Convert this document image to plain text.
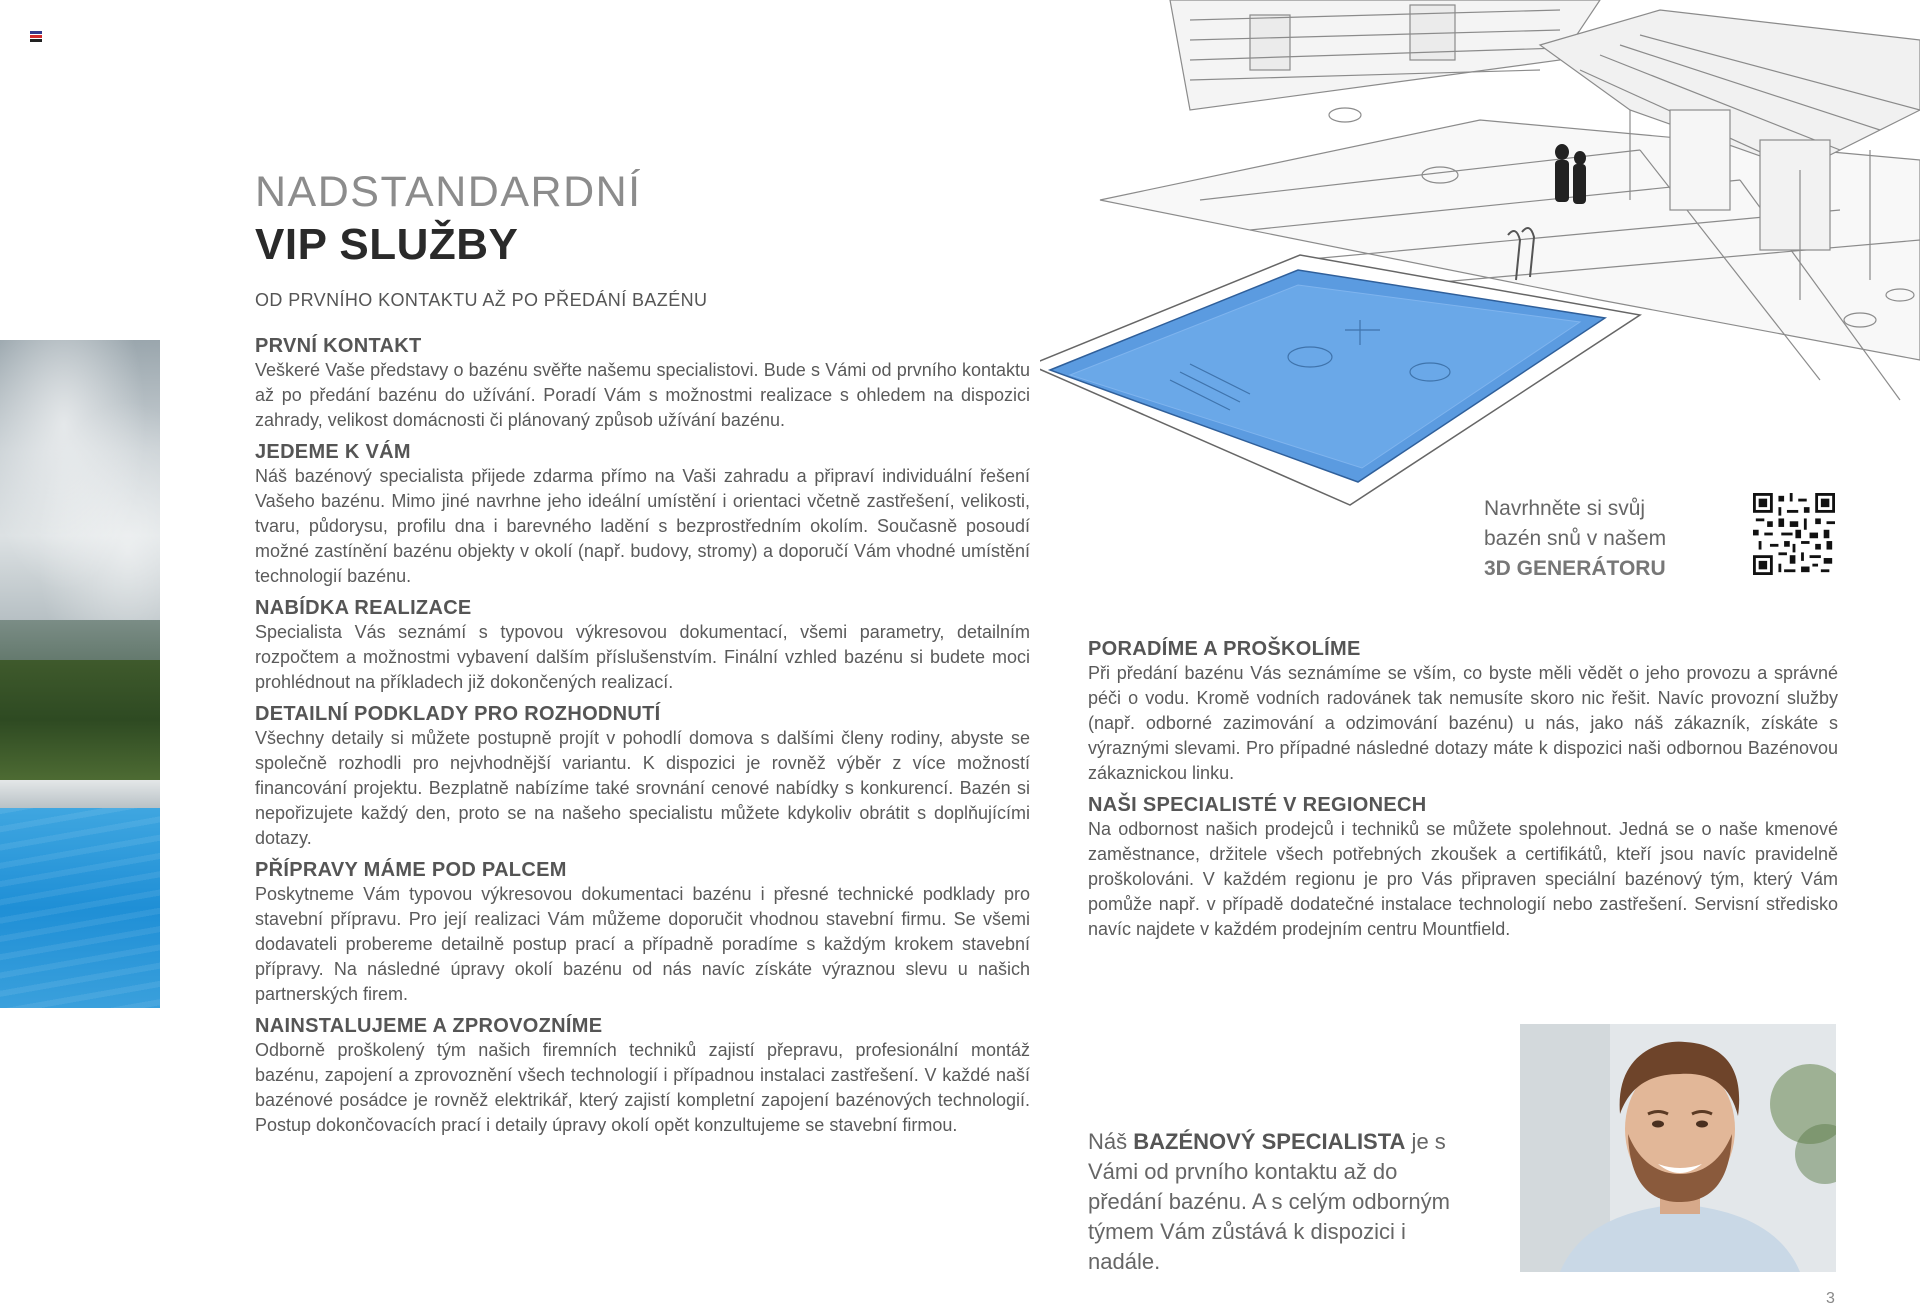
NADSTANDARDNÍ
VIP SLUŽBY
OD PRVNÍHO KONTAKTU AŽ PO PŘEDÁNÍ BAZÉNU
PRVNÍ KONTAKT

Veškeré Vaše představy o bazénu svěřte našemu specialistovi. Bude s Vámi od prvního kontaktu až po předání bazénu do užívání. Poradí Vám s možnostmi realizace s ohledem na dispozici zahrady, velikost domácnosti či plánovaný způsob užívání bazénu.

JEDEME K VÁM

Náš bazénový specialista přijede zdarma přímo na Vaši zahradu a připraví individuální řešení Vašeho bazénu. Mimo jiné navrhne jeho ideální umístění i orientaci včetně zastřešení, velikosti, tvaru, půdorysu, profilu dna i barevného ladění s bezprostředním okolím. Současně posoudí možné zastínění bazénu objekty v okolí (např. budovy, stromy) a doporučí Vám vhodné umístění technologií bazénu.

NABÍDKA REALIZACE

Specialista Vás seznámí s typovou výkresovou dokumentací, všemi parametry, detailním rozpočtem a možnostmi vybavení dalším příslušenstvím. Finální vzhled bazénu si budete moci prohlédnout na příkladech již dokončených realizací.

DETAILNÍ PODKLADY PRO ROZHODNUTÍ

Všechny detaily si můžete postupně projít v pohodlí domova s dalšími členy rodiny, abyste se společně rozhodli pro nejvhodnější variantu. K dispozici je rovněž výběr z více možností financování projektu. Bezplatně nabízíme také srovnání cenové nabídky s konkurencí. Bazén si nepořizujete každý den, proto se na našeho specialistu můžete kdykoliv obrátit s doplňujícími dotazy.

PŘÍPRAVY MÁME POD PALCEM

Poskytneme Vám typovou výkresovou dokumentaci bazénu i přesné technické podklady pro stavební přípravu. Pro její realizaci Vám můžeme doporučit vhodnou stavební firmu. Se všemi dodavateli probereme detailně postup prací a případně poradíme s každým krokem stavební přípravy. Na následné úpravy okolí bazénu od nás navíc získáte výraznou slevu u našich partnerských firem.

NAINSTALUJEME A ZPROVOZNÍME

Odborně proškolený tým našich firemních techniků zajistí přepravu, profesionální montáž bazénu, zapojení a zprovoznění všech technologií i případnou instalaci zastřešení. V každé naší bazénové posádce je rovněž elektrikář, který zajistí kompletní zapojení bazénových technologií. Postup dokončovacích prací i detaily úpravy okolí opět konzultujeme se stavební firmou.

Navrhněte si svůj
bazén snů v našem
3D GENERÁTORU
PORADÍME A PROŠKOLÍME

Při předání bazénu Vás seznámíme se vším, co byste měli vědět o jeho provozu a správné péči o vodu. Kromě vodních radovánek tak nemusíte skoro nic řešit. Navíc provozní služby (např. odborné zazimování a odzimování bazénu) u nás, jako náš zákazník, získáte s výraznými slevami. Pro případné následné dotazy máte k dispozici naši odbornou Bazénovou zákaznickou linku.

NAŠI SPECIALISTÉ V REGIONECH

Na odbornost našich prodejců i techniků se můžete spolehnout. Jedná se o naše kmenové zaměstnance, držitele všech potřebných zkoušek a certifikátů, kteří jsou navíc pravidelně proškolováni. V každém regionu je pro Vás připraven speciální bazénový tým, který Vám pomůže např. v případě dodatečné instalace technologií nebo zastřešení. Servisní středisko navíc najdete v každém prodejním centru Mountfield.

Náš BAZÉNOVÝ SPECIALISTA je s Vámi od prvního kontaktu až do předání bazénu. A s celým odborným týmem Vám zůstává k dispozici i nadále.
3
